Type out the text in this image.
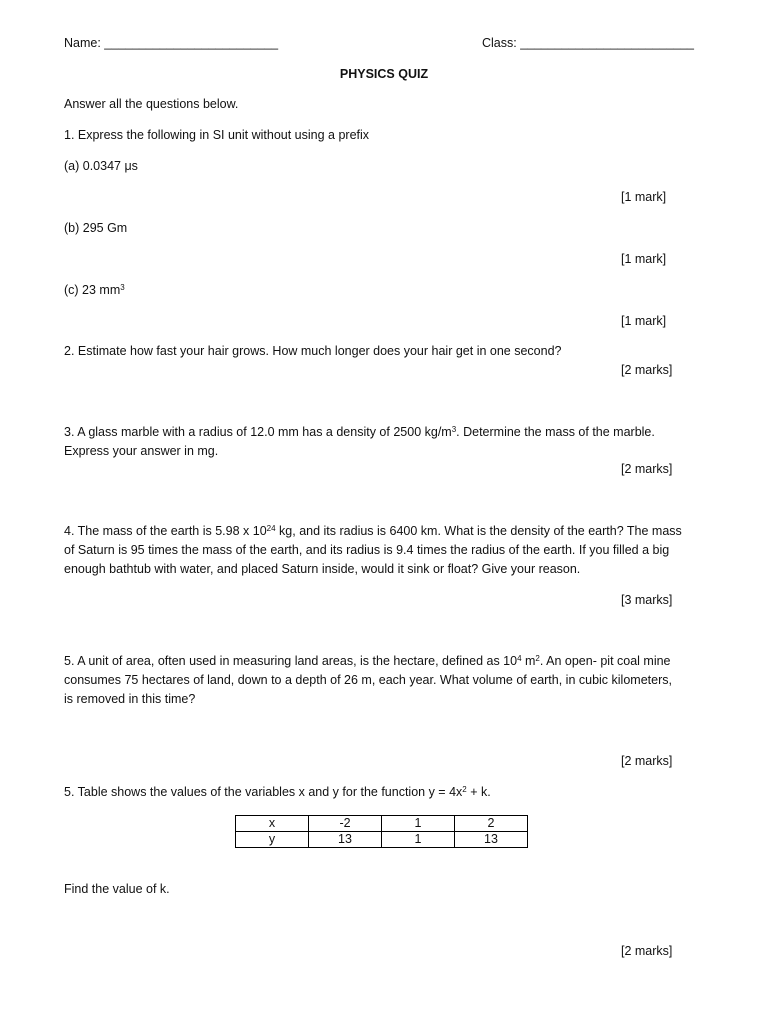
Name: _________________________	Class: _________________________
PHYSICS QUIZ
Answer all the questions below.
1. Express the following in SI unit without using a prefix
(a) 0.0347 μs
[1 mark]
(b) 295 Gm
[1 mark]
(c) 23 $mm^3$
[1 mark]
2. Estimate how fast your hair grows. How much longer does your hair get in one second?
[2 marks]
3. A glass marble with a radius of 12.0 mm has a density of 2500 $kg/m^3$. Determine the mass of the marble.
Express your answer in mg.
[2 marks]
4. The mass of the earth is 5.98 x $10^{24}$ kg, and its radius is 6400 km. What is the density of the earth? The mass
of Saturn is 95 times the mass of the earth, and its radius is 9.4 times the radius of the earth. If you filled a big
enough bathtub with water, and placed Saturn inside, would it sink or float? Give your reason.
[3 marks]
5. A unit of area, often used in measuring land areas, is the hectare, defined as $10^4$ $m^2$. An open- pit coal mine
consumes 75 hectares of land, down to a depth of 26 m, each year. What volume of earth, in cubic kilometers,
is removed in this time?
[2 marks]
5. Table shows the values of the variables x and y for the function $y = 4x^2 + k$.
x	-2	1	2
y	13	1	13
Find the value of k.
[2 marks]
